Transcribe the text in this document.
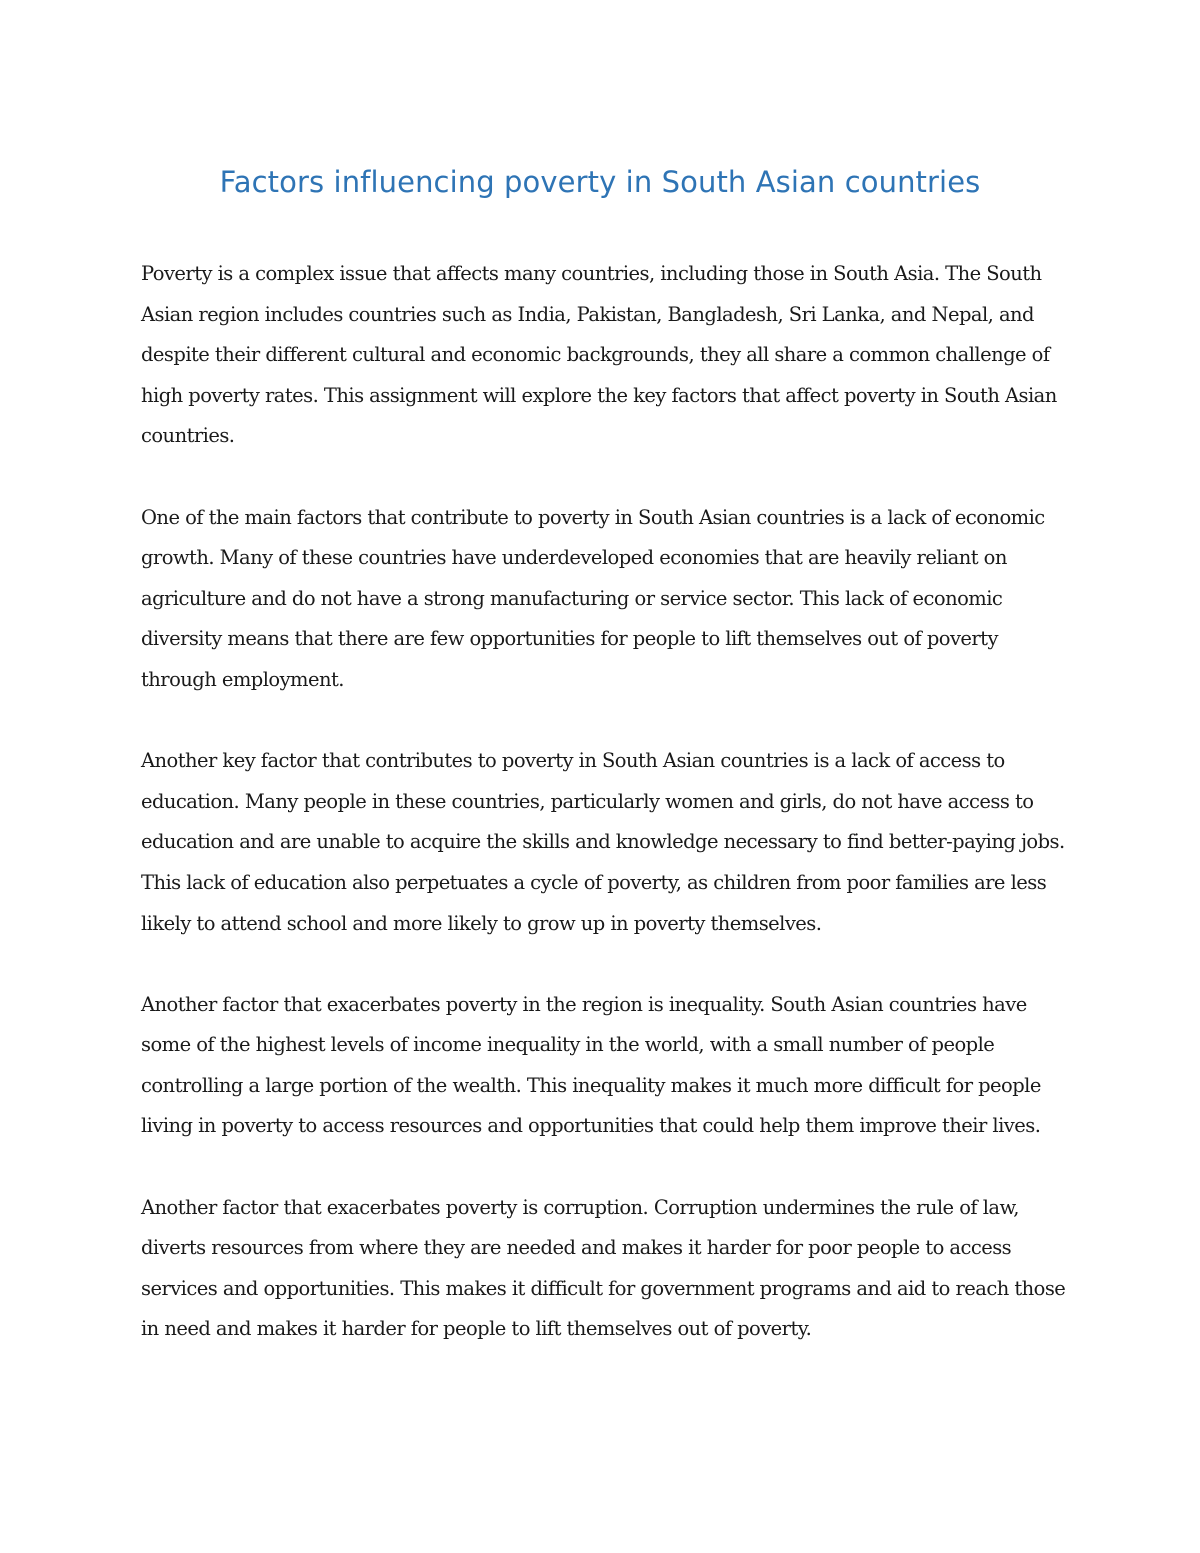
Factors influencing poverty in South Asian countries

Poverty is a complex issue that affects many countries, including those in South Asia. The South Asian region includes countries such as India, Pakistan, Bangladesh, Sri Lanka, and Nepal, and despite their different cultural and economic backgrounds, they all share a common challenge of high poverty rates. This assignment will explore the key factors that affect poverty in South Asian countries.

One of the main factors that contribute to poverty in South Asian countries is a lack of economic growth. Many of these countries have underdeveloped economies that are heavily reliant on agriculture and do not have a strong manufacturing or service sector. This lack of economic diversity means that there are few opportunities for people to lift themselves out of poverty through employment.

Another key factor that contributes to poverty in South Asian countries is a lack of access to education. Many people in these countries, particularly women and girls, do not have access to education and are unable to acquire the skills and knowledge necessary to find better-paying jobs. This lack of education also perpetuates a cycle of poverty, as children from poor families are less likely to attend school and more likely to grow up in poverty themselves.

Another factor that exacerbates poverty in the region is inequality. South Asian countries have some of the highest levels of income inequality in the world, with a small number of people controlling a large portion of the wealth. This inequality makes it much more difficult for people living in poverty to access resources and opportunities that could help them improve their lives.

Another factor that exacerbates poverty is corruption. Corruption undermines the rule of law, diverts resources from where they are needed and makes it harder for poor people to access services and opportunities. This makes it difficult for government programs and aid to reach those in need and makes it harder for people to lift themselves out of poverty.
